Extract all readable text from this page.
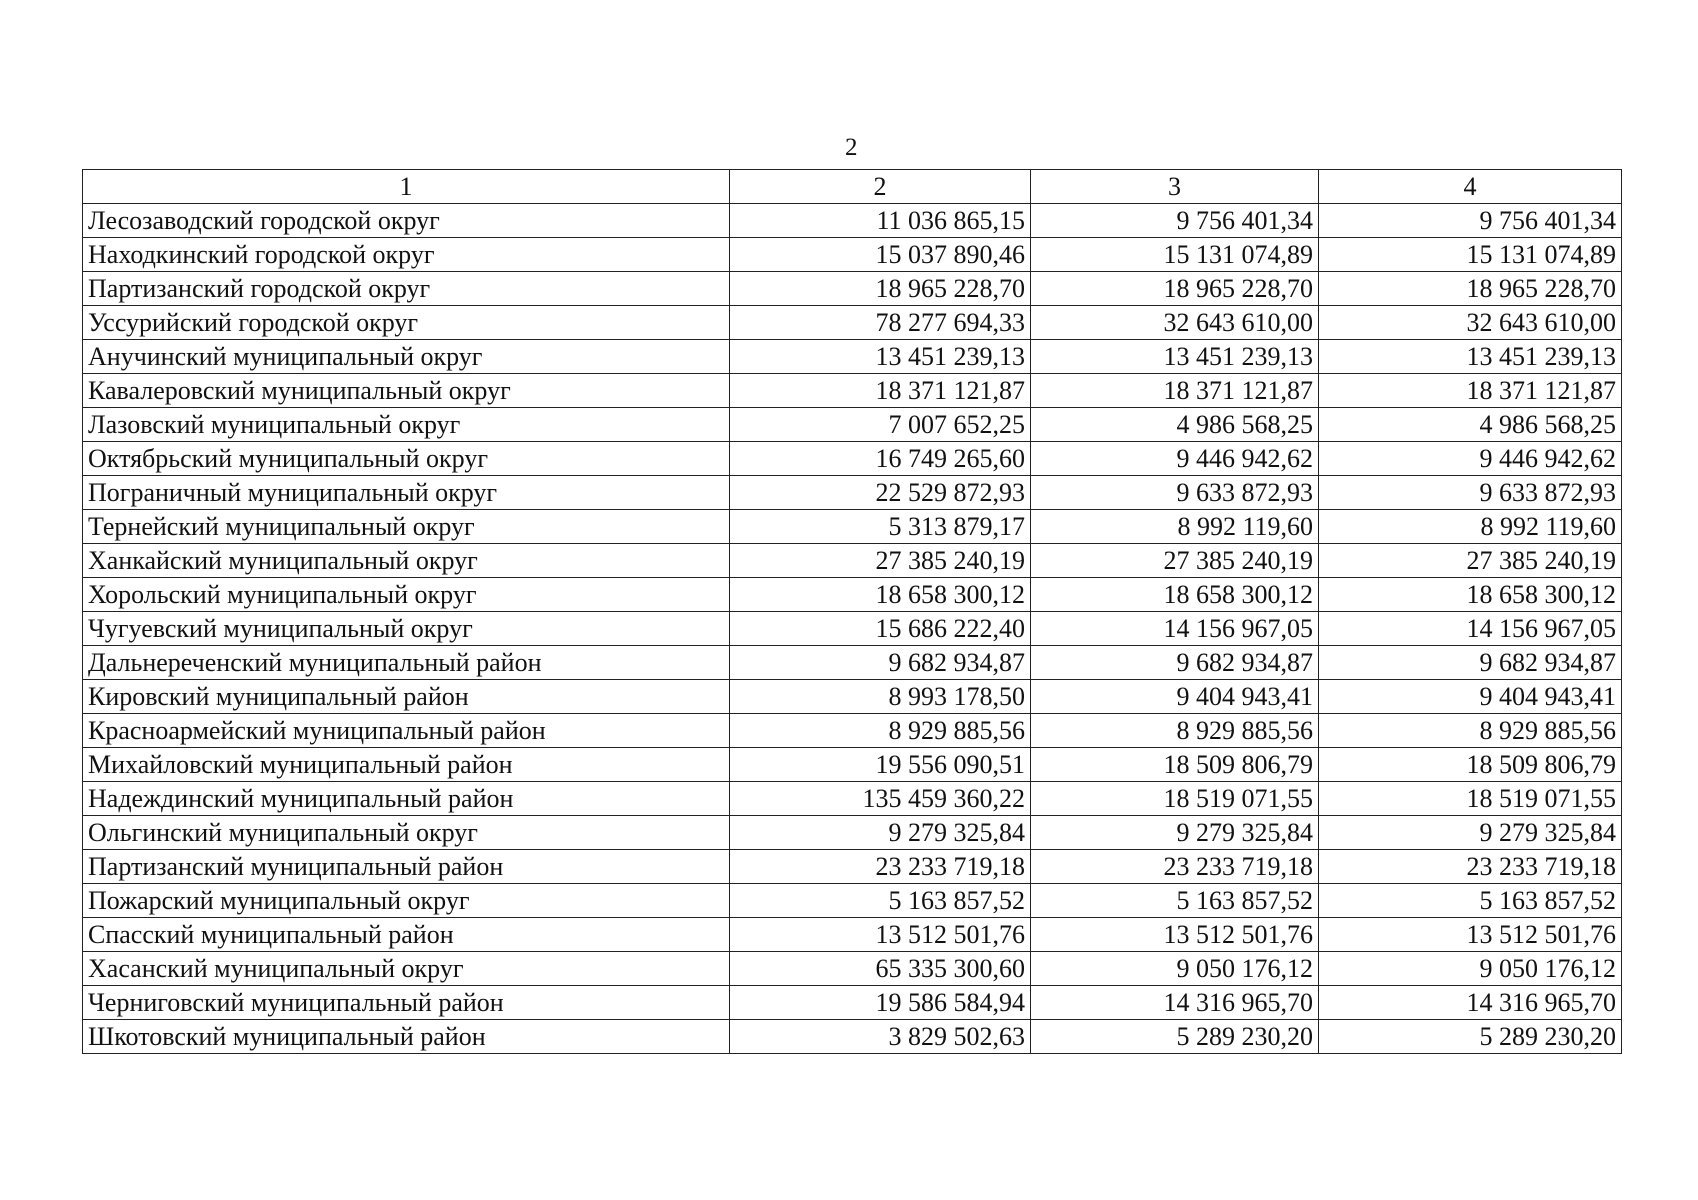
2
1	2	3	4
Лесозаводский городской округ	11 036 865,15	9 756 401,34	9 756 401,34
Находкинский городской округ	15 037 890,46	15 131 074,89	15 131 074,89
Партизанский городской округ	18 965 228,70	18 965 228,70	18 965 228,70
Уссурийский городской округ	78 277 694,33	32 643 610,00	32 643 610,00
Анучинский муниципальный округ	13 451 239,13	13 451 239,13	13 451 239,13
Кавалеровский муниципальный округ	18 371 121,87	18 371 121,87	18 371 121,87
Лазовский муниципальный округ	7 007 652,25	4 986 568,25	4 986 568,25
Октябрьский муниципальный округ	16 749 265,60	9 446 942,62	9 446 942,62
Пограничный муниципальный округ	22 529 872,93	9 633 872,93	9 633 872,93
Тернейский муниципальный округ	5 313 879,17	8 992 119,60	8 992 119,60
Ханкайский муниципальный округ	27 385 240,19	27 385 240,19	27 385 240,19
Хорольский муниципальный округ	18 658 300,12	18 658 300,12	18 658 300,12
Чугуевский муниципальный округ	15 686 222,40	14 156 967,05	14 156 967,05
Дальнереченский муниципальный район	9 682 934,87	9 682 934,87	9 682 934,87
Кировский муниципальный район	8 993 178,50	9 404 943,41	9 404 943,41
Красноармейский муниципальный район	8 929 885,56	8 929 885,56	8 929 885,56
Михайловский муниципальный район	19 556 090,51	18 509 806,79	18 509 806,79
Надеждинский муниципальный район	135 459 360,22	18 519 071,55	18 519 071,55
Ольгинский муниципальный округ	9 279 325,84	9 279 325,84	9 279 325,84
Партизанский муниципальный район	23 233 719,18	23 233 719,18	23 233 719,18
Пожарский муниципальный округ	5 163 857,52	5 163 857,52	5 163 857,52
Спасский муниципальный район	13 512 501,76	13 512 501,76	13 512 501,76
Хасанский муниципальный округ	65 335 300,60	9 050 176,12	9 050 176,12
Черниговский муниципальный район	19 586 584,94	14 316 965,70	14 316 965,70
Шкотовский муниципальный район	3 829 502,63	5 289 230,20	5 289 230,20
